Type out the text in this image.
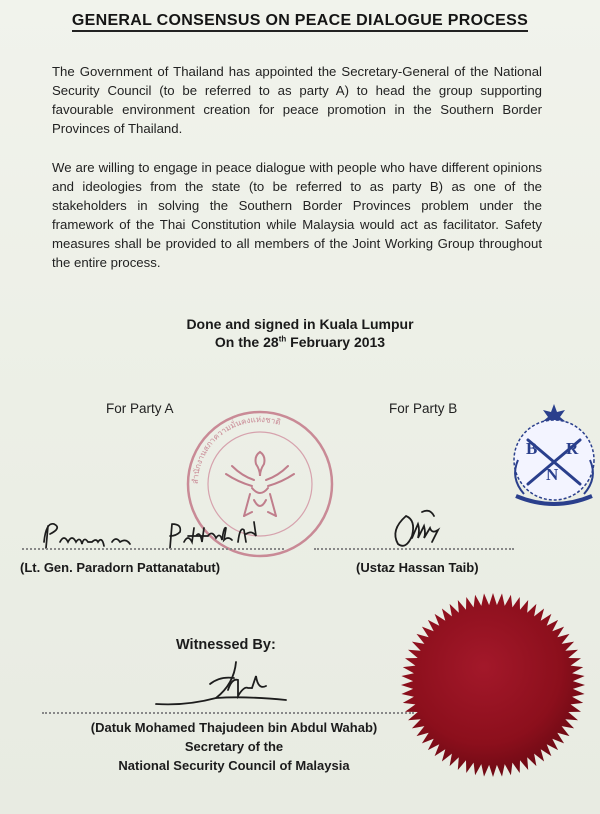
GENERAL CONSENSUS ON PEACE DIALOGUE PROCESS
The Government of Thailand has appointed the Secretary-General of the National Security Council (to be referred to as party A) to head the group supporting favourable environment creation for peace promotion in the Southern Border Provinces of Thailand.
We are willing to engage in peace dialogue with people who have different opinions and ideologies from the state (to be referred to as party B) as one of the stakeholders in solving the Southern Border Provinces problem under the framework of the Thai Constitution while Malaysia would act as facilitator. Safety measures shall be provided to all members of the Joint Working Group throughout the entire process.
Done and signed in Kuala Lumpur
On the 28th February 2013
For Party A	For Party B
สำนักงานสภาความมั่นคงแห่งชาติ
B R
N
(Lt. Gen. Paradorn Pattanatabut)	(Ustaz Hassan Taib)
Witnessed By:
(Datuk Mohamed Thajudeen bin Abdul Wahab)
Secretary of the
National Security Council of Malaysia
